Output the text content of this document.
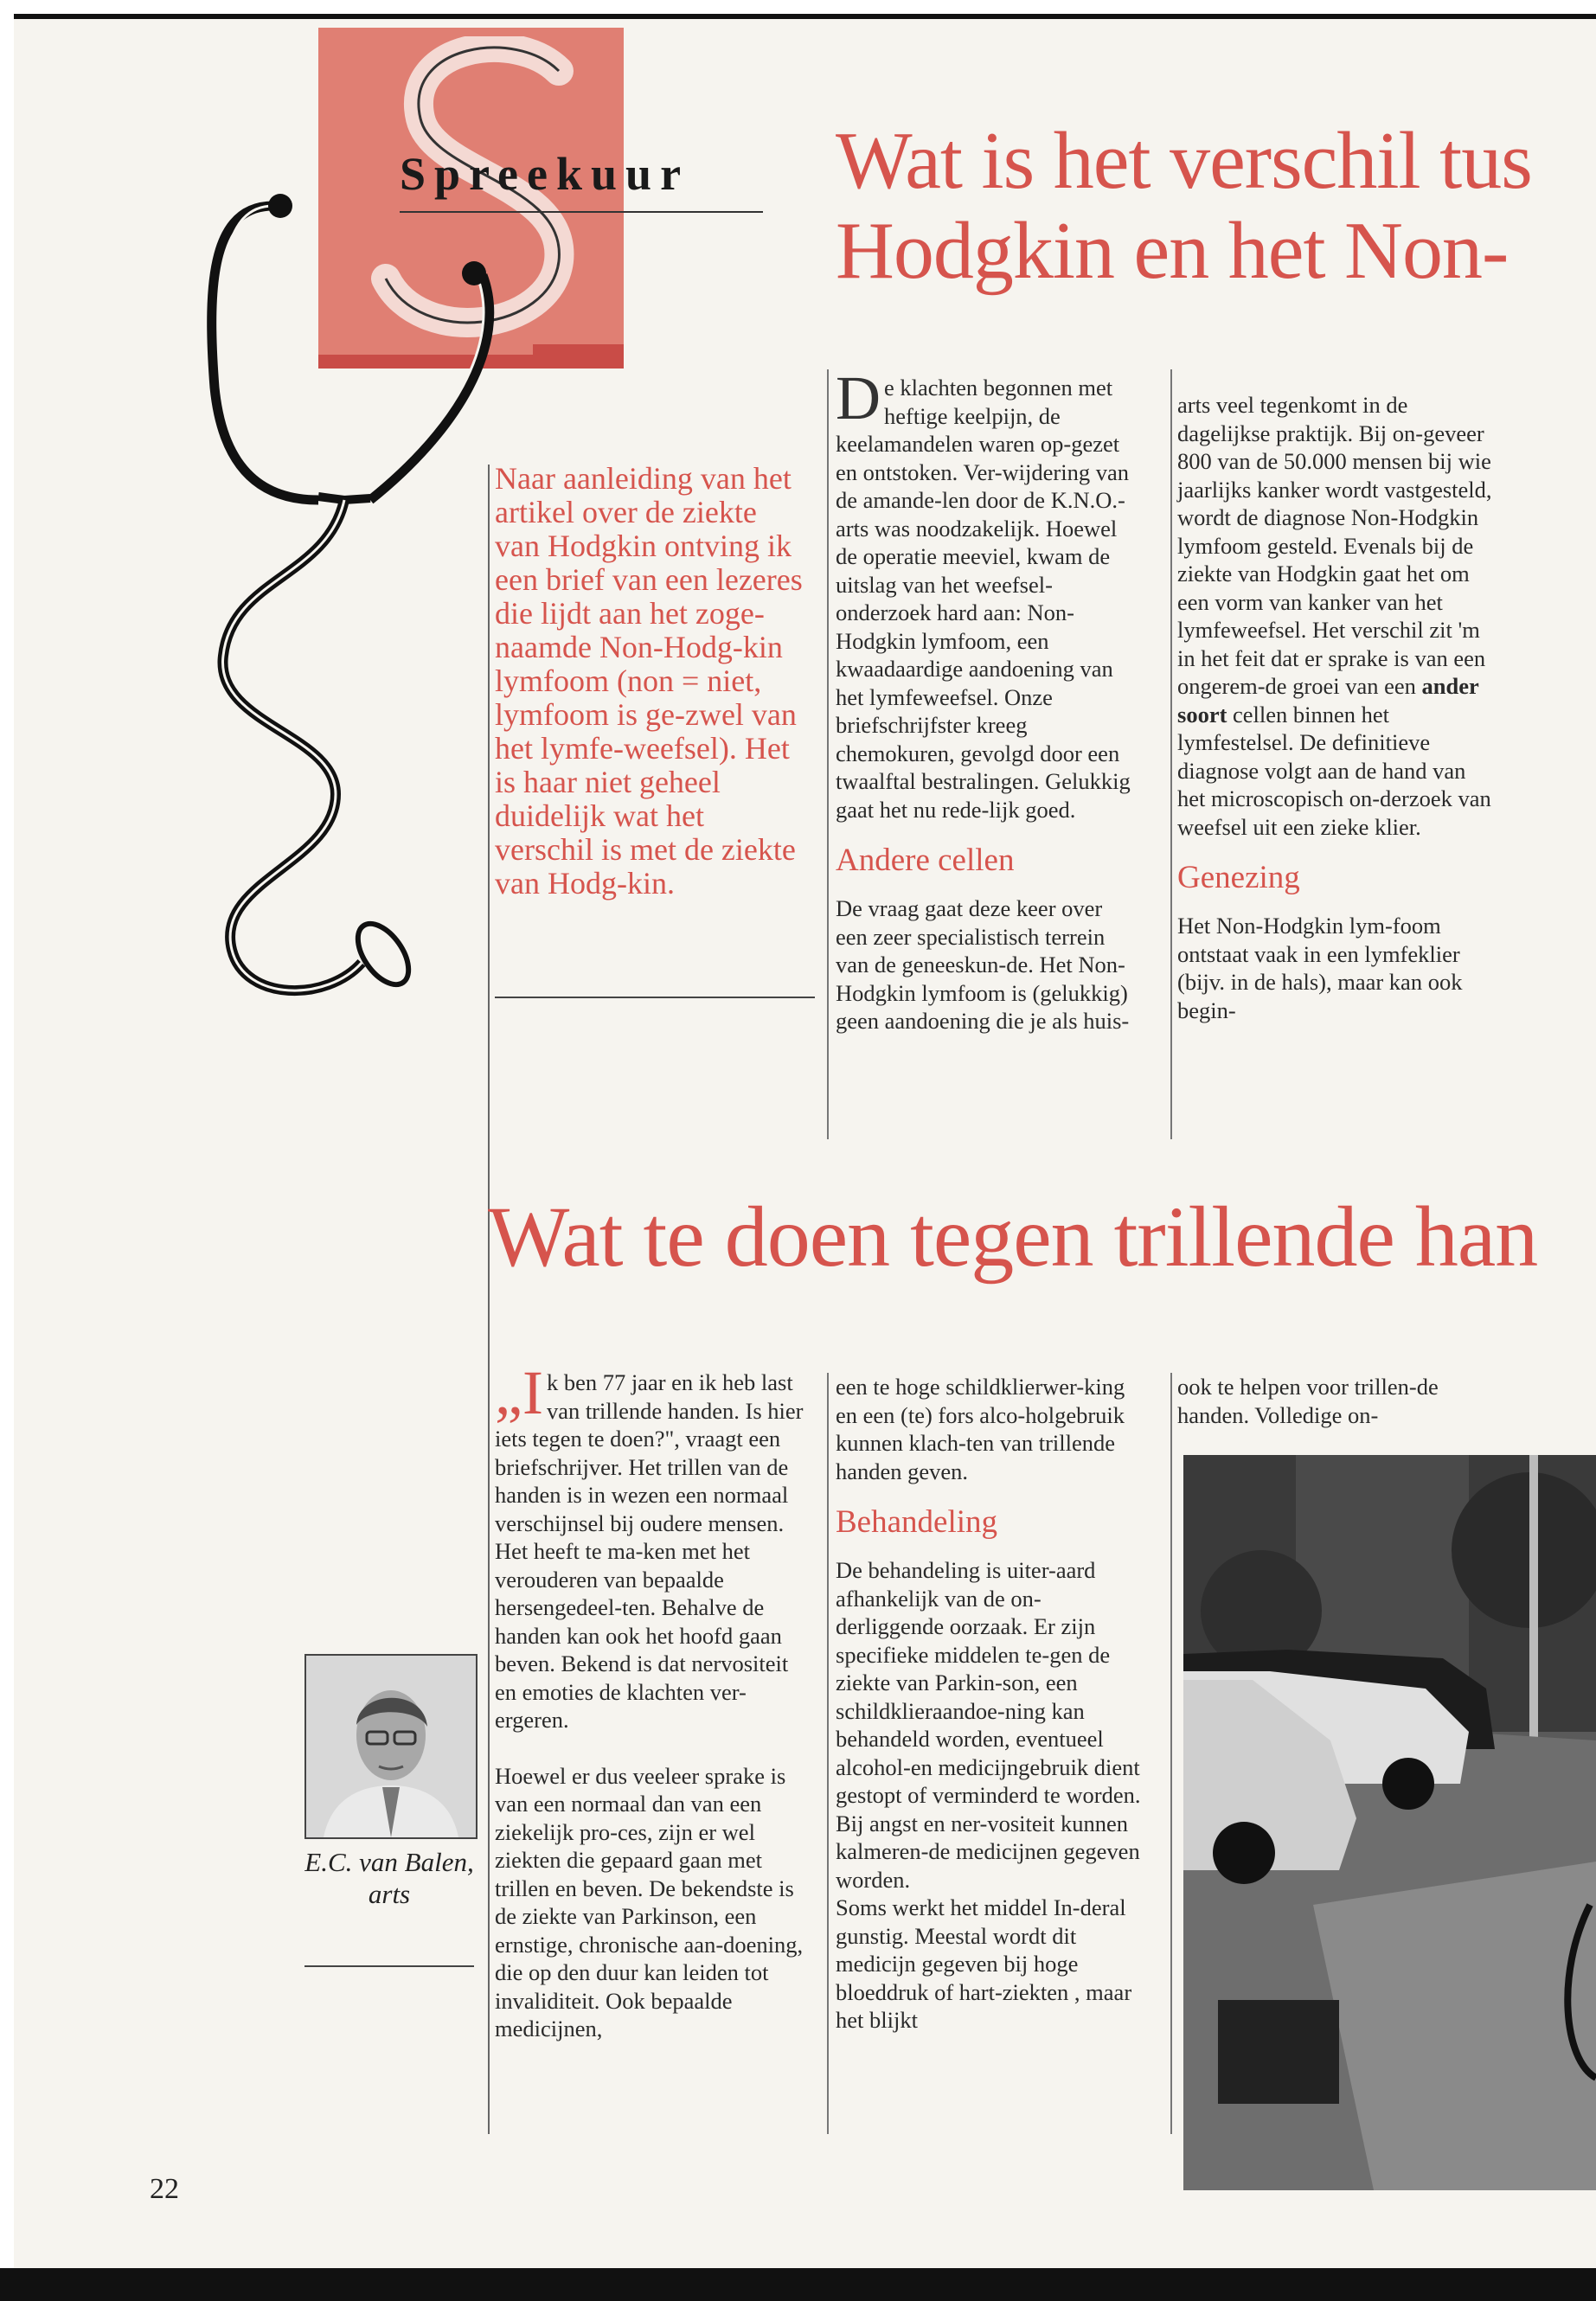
Spreekuur Wat is het verschil tus
Hodgkin en het Non-
Naar aanleiding van het artikel over de ziekte van Hodgkin ontving ik een brief van een lezeres die lijdt aan het zoge-naamde Non-Hodg-kin lymfoom (non = niet, lymfoom is ge-zwel van het lymfe-weefsel). Het is haar niet geheel duidelijk wat het verschil is met de ziekte van Hodg-kin.

De klachten begonnen met heftige keelpijn, de keelamandelen waren op-gezet en ontstoken. Ver-wijdering van de amande-len door de K.N.O.-arts was noodzakelijk. Hoewel de operatie meeviel, kwam de uitslag van het weefsel-onderzoek hard aan: Non-Hodgkin lymfoom, een kwaadaardige aandoening van het lymfeweefsel. Onze briefschrijfster kreeg chemokuren, gevolgd door een twaalftal bestralingen. Gelukkig gaat het nu rede-lijk goed.

Andere cellen

De vraag gaat deze keer over een zeer specialistisch terrein van de geneeskun-de. Het Non-Hodgkin lymfoom is (gelukkig) geen aandoening die je als huis-

arts veel tegenkomt in de dagelijkse praktijk. Bij on-geveer 800 van de 50.000 mensen bij wie jaarlijks kanker wordt vastgesteld, wordt de diagnose Non-Hodgkin lymfoom gesteld. Evenals bij de ziekte van Hodgkin gaat het om een vorm van kanker van het lymfeweefsel. Het verschil zit 'm in het feit dat er sprake is van een ongerem-de groei van een ander soort cellen binnen het lymfestelsel. De definitieve diagnose volgt aan de hand van het microscopisch on-derzoek van weefsel uit een zieke klier.

Genezing

Het Non-Hodgkin lym-foom ontstaat vaak in een lymfeklier (bijv. in de hals), maar kan ook begin-

Wat te doen tegen trillende han

„Ik ben 77 jaar en ik heb last van trillende handen. Is hier iets tegen te doen?", vraagt een briefschrijver. Het trillen van de handen is in wezen een normaal verschijnsel bij oudere mensen. Het heeft te ma-ken met het verouderen van bepaalde hersengedeel-ten. Behalve de handen kan ook het hoofd gaan beven. Bekend is dat nervositeit en emoties de klachten ver-ergeren.

Hoewel er dus veeleer sprake is van een normaal dan van een ziekelijk pro-ces, zijn er wel ziekten die gepaard gaan met trillen en beven. De bekendste is de ziekte van Parkinson, een ernstige, chronische aan-doening, die op den duur kan leiden tot invaliditeit. Ook bepaalde medicijnen,

een te hoge schildklierwer-king en een (te) fors alco-holgebruik kunnen klach-ten van trillende handen geven.

Behandeling

De behandeling is uiter-aard afhankelijk van de on-derliggende oorzaak. Er zijn specifieke middelen te-gen de ziekte van Parkin-son, een schildklieraandoe-ning kan behandeld worden, eventueel alcohol-en medicijngebruik dient gestopt of verminderd te worden. Bij angst en ner-vositeit kunnen kalmeren-de medicijnen gegeven worden.

Soms werkt het middel In-deral gunstig. Meestal wordt dit medicijn gegeven bij hoge bloeddruk of hart-ziekten , maar het blijkt

ook te helpen voor trillen-de handen. Volledige on-

E.C. van Balen,
arts
22
